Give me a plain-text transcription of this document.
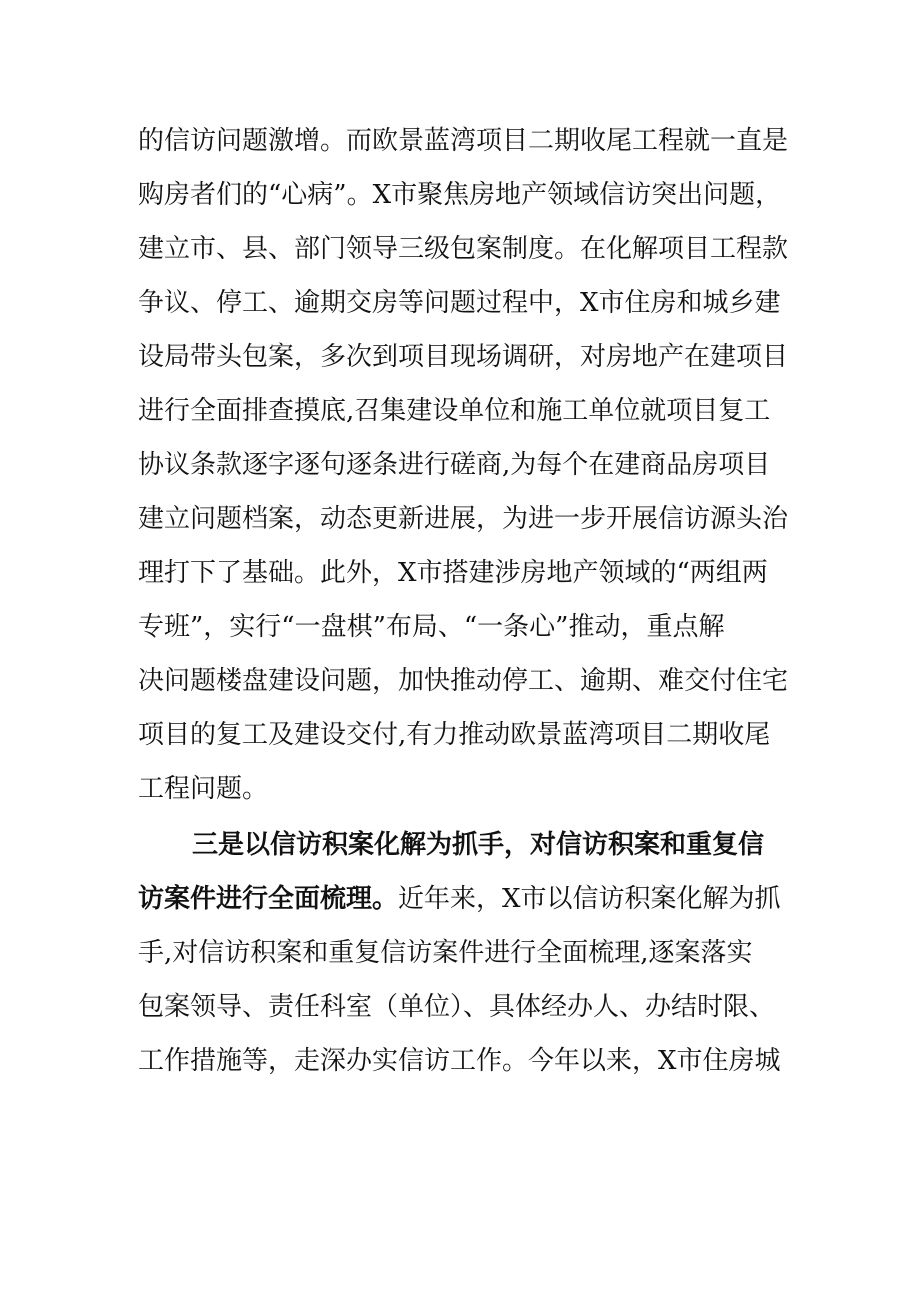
的信访问题激增。而欧景蓝湾项目二期收尾工程就一直是
购房者们的“心病”。X市聚焦房地产领域信访突出问题，
建立市、县、部门领导三级包案制度。在化解项目工程款
争议、停工、逾期交房等问题过程中，X市住房和城乡建
设局带头包案，多次到项目现场调研，对房地产在建项目
进行全面排查摸底,召集建设单位和施工单位就项目复工
协议条款逐字逐句逐条进行磋商,为每个在建商品房项目
建立问题档案，动态更新进展，为进一步开展信访源头治
理打下了基础。此外，X市搭建涉房地产领域的“两组两
专班”，实行“一盘棋”布局、“一条心”推动，重点解
决问题楼盘建设问题，加快推动停工、逾期、难交付住宅
项目的复工及建设交付,有力推动欧景蓝湾项目二期收尾
工程问题。
三是以信访积案化解为抓手，对信访积案和重复信
访案件进行全面梳理。近年来，X市以信访积案化解为抓
手,对信访积案和重复信访案件进行全面梳理,逐案落实
包案领导、责任科室（单位）、具体经办人、办结时限、
工作措施等，走深办实信访工作。今年以来，X市住房城
